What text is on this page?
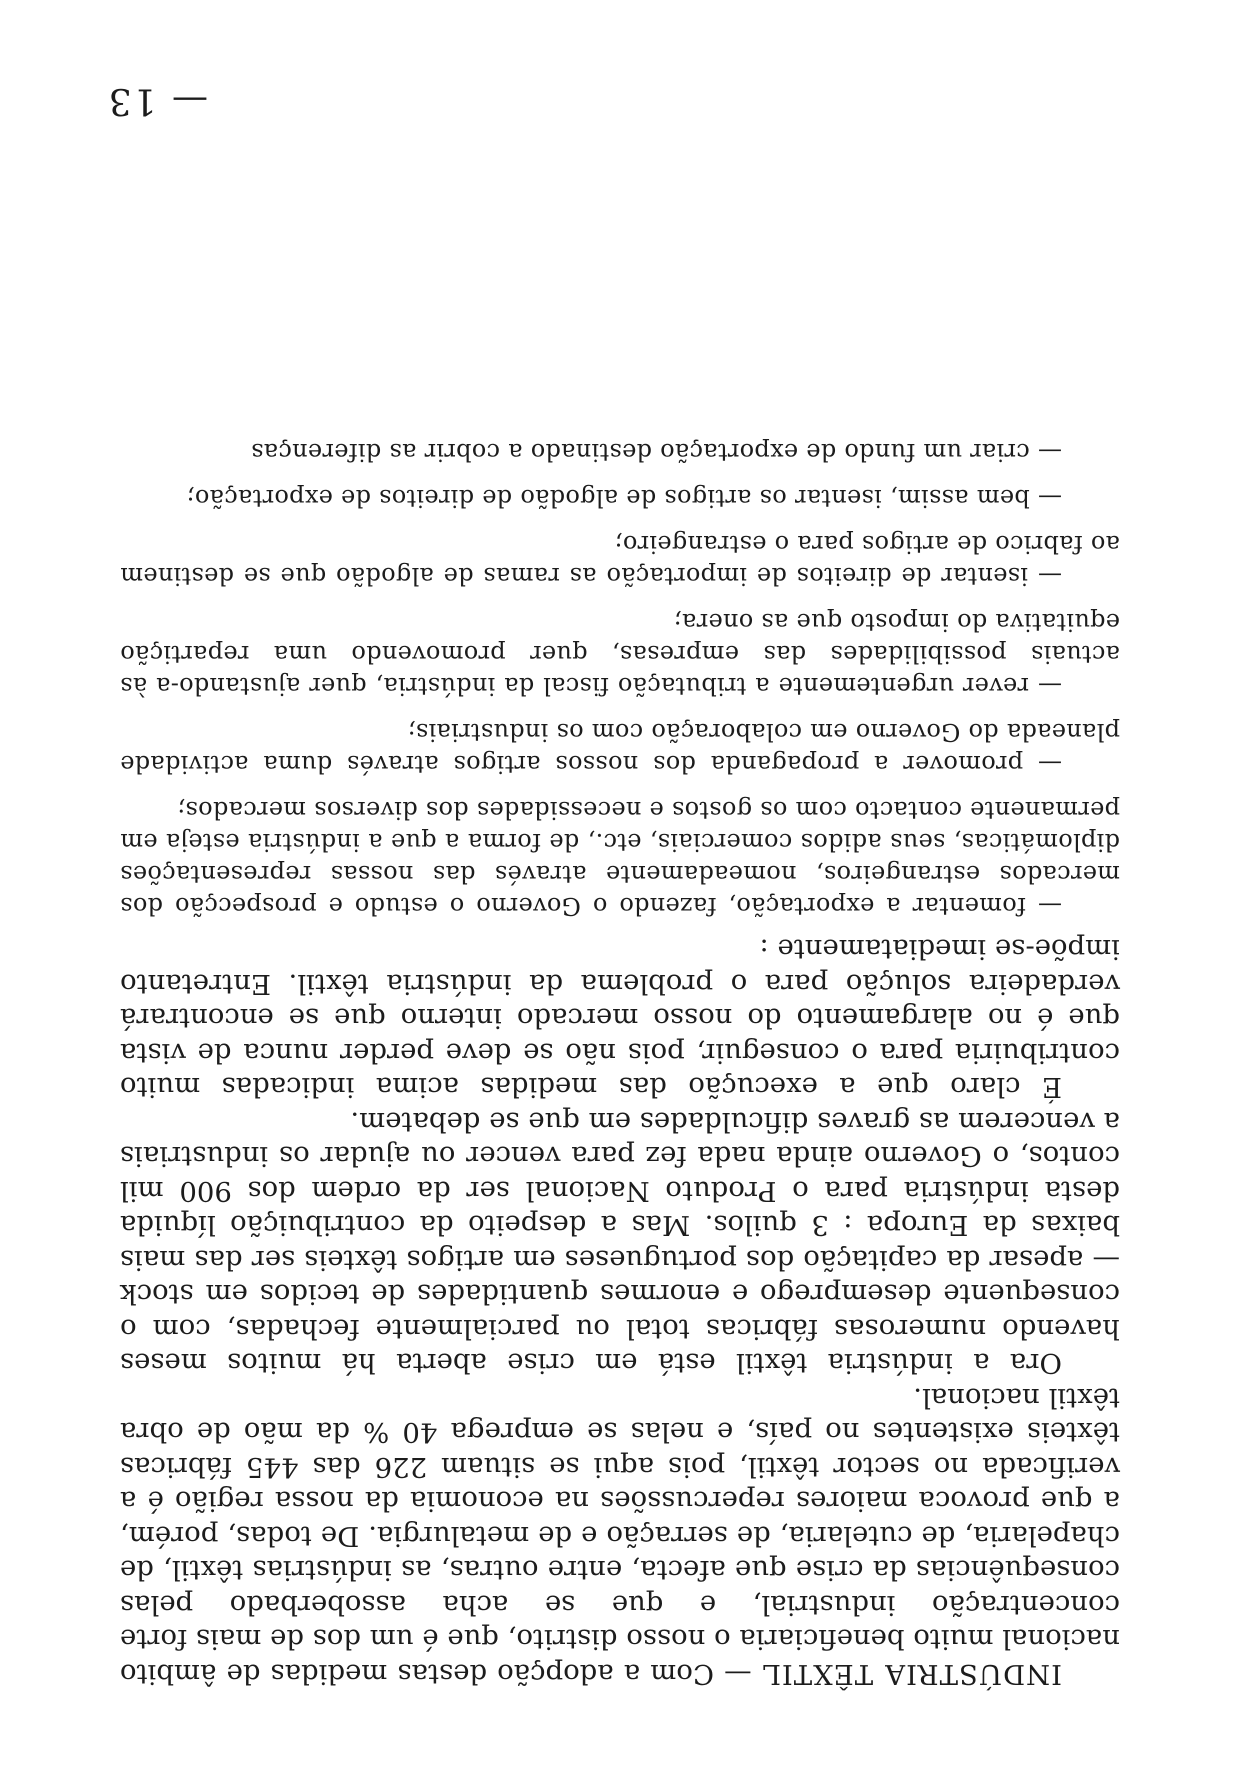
INDÚSTRIA TÊXTIL — Com a adopção destas medidas de âmbito nacional muito beneficiaria o nosso distrito, que é um dos de mais forte concentração industrial, e que se acha assoberbado pelas consequências da crise que afecta, entre outras, as indústrias têxtil, de chapelaria, de cutelaria, de serração e de metalurgia. De todas, porém, a que provoca maiores repercussões na economia da nossa região é a verificada no sector têxtil, pois aqui se situam 226 das 445 fábricas têxteis existentes no país, e nelas se emprega 40 % da mão de obra têxtil nacional.

Ora a indústria têxtil está em crise aberta há muitos meses havendo numerosas fábricas total ou parcialmente fechadas, com o consequente desemprego e enormes quantidades de tecidos em stock — apesar da capitação dos portugueses em artigos têxteis ser das mais baixas da Europa : 3 quilos. Mas a despeito da contribuição líquida desta indústria para o Produto Nacional ser da ordem dos 900 mil contos, o Governo ainda nada fez para vencer ou ajudar os industriais a vencerem as graves dificuldades em que se debatem.

É claro que a execução das medidas acima indicadas muito contribuiria para o conseguir, pois não se deve perder nunca de vista que é no alargamento do nosso mercado interno que se encontrará verdadeira solução para o problema da indústria têxtil. Entretanto impõe-se imediatamente :

— fomentar a exportação, fazendo o Governo o estudo e prospecção dos mercados estrangeiros, nomeadamente através das nossas representações diplomáticas, seus adidos comerciais, etc., de forma a que a indústria esteja em permanente contacto com os gostos e necessidades dos diversos mercados;

— promover a propaganda dos nossos artigos através duma actividade planeada do Governo em colaboração com os industriais;

— rever urgentemente a tributação fiscal da indústria, quer ajustando-a às actuais possibilidades das empresas, quer promovendo uma repartição equitativa do imposto que as onera;

— isentar de direitos de importação as ramas de algodão que se destinem ao fabrico de artigos para o estrangeiro;

— bem assim, isentar os artigos de algodão de direitos de exportação;

— criar um fundo de exportação destinado a cobrir as diferenças

— 13
